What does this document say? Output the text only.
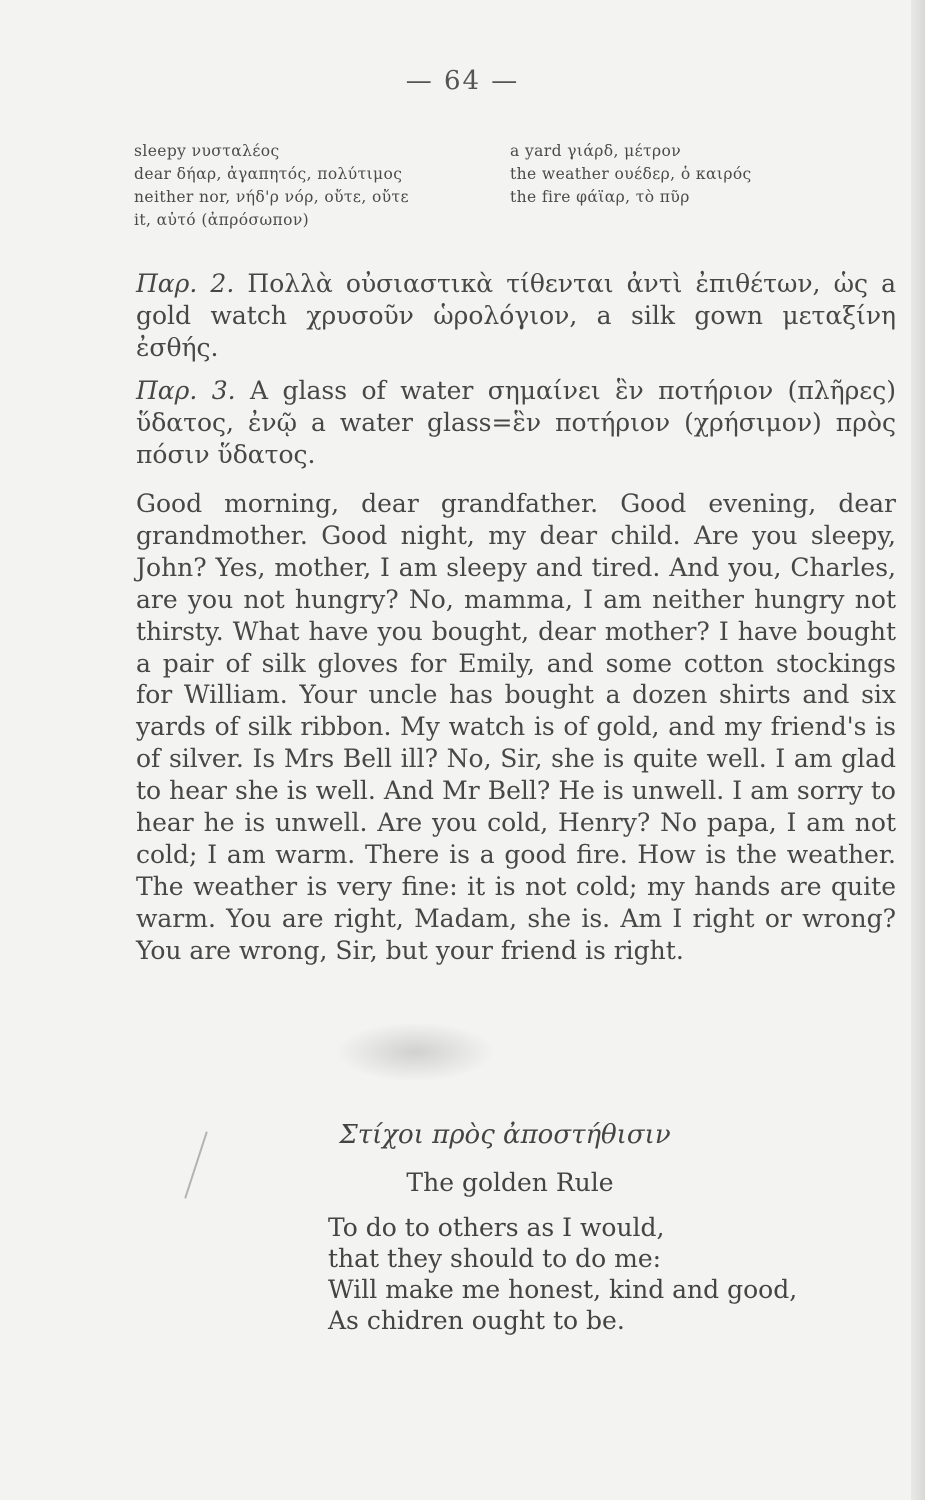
— 64 —
sleepy νυσταλέος
dear δήαρ, ἀγαπητός, πολύτιμος
neither nor, νήδ'ρ νόρ, οὔτε, οὔτε
it, αὐτό (ἀπρόσωπον)
a yard γιάρδ, μέτρον
the weather ουέδερ, ὁ καιρός
the fire φάϊαρ, τὸ πῦρ

Παρ. 2. Πολλὰ οὐσιαστικὰ τίθενται ἀντὶ ἐπιθέτων, ὡς a gold watch χρυσοῦν ὡρολόγιον, a silk gown μεταξίνη ἐσθής.

Παρ. 3. A glass of water σημαίνει ἓν ποτήριον (πλῆρες) ὕδατος, ἐνῷ a water glass=ἓν ποτήριον (χρήσιμον) πρὸς πόσιν ὕδατος.

Good morning, dear grandfather. Good evening, dear grandmother. Good night, my dear child. Are you sleepy, John? Yes, mother, I am sleepy and tired. And you, Charles, are you not hungry? No, mamma, I am neither hungry not thirsty. What have you bought, dear mother? I have bought a pair of silk gloves for Emily, and some cotton stockings for William. Your uncle has bought a dozen shirts and six yards of silk ribbon. My watch is of gold, and my friend's is of silver. Is Mrs Bell ill? No, Sir, she is quite well. I am glad to hear she is well. And Mr Bell? He is unwell. I am sorry to hear he is unwell. Are you cold, Henry? No papa, I am not cold; I am warm. There is a good fire. How is the weather. The weather is very fine: it is not cold; my hands are quite warm. You are right, Madam, she is. Am I right or wrong? You are wrong, Sir, but your friend is right.

Στίχοι πρὸς ἀποστήθισιν
The golden Rule
To do to others as I would,
that they should to do me:
Will make me honest, kind and good,
As chidren ought to be.
